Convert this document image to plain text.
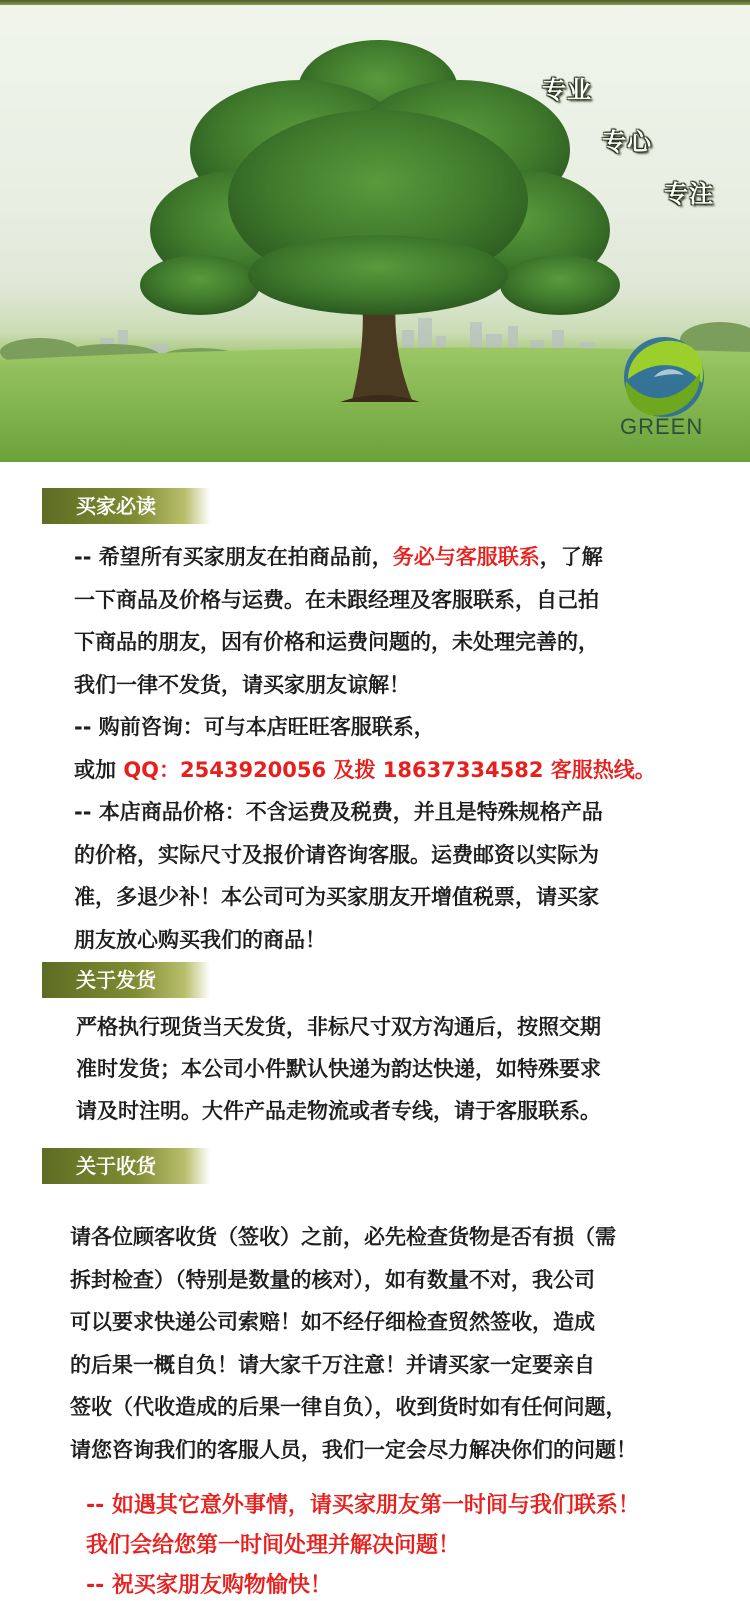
专业
专心
专注
GREEN
买家必读
-- 希望所有买家朋友在拍商品前，务必与客服联系，了解
一下商品及价格与运费。在未跟经理及客服联系，自己拍
下商品的朋友，因有价格和运费问题的，未处理完善的，
我们一律不发货，请买家朋友谅解！
-- 购前咨询：可与本店旺旺客服联系，
或加 QQ：2543920056 及拨 18637334582 客服热线。
-- 本店商品价格：不含运费及税费，并且是特殊规格产品
的价格，实际尺寸及报价请咨询客服。运费邮资以实际为
准，多退少补！本公司可为买家朋友开增值税票，请买家
朋友放心购买我们的商品！
关于发货
严格执行现货当天发货，非标尺寸双方沟通后，按照交期
准时发货；本公司小件默认快递为韵达快递，如特殊要求
请及时注明。大件产品走物流或者专线，请于客服联系。
关于收货
请各位顾客收货（签收）之前，必先检查货物是否有损（需
拆封检查）（特别是数量的核对），如有数量不对，我公司
可以要求快递公司索赔！如不经仔细检查贸然签收，造成
的后果一概自负！请大家千万注意！并请买家一定要亲自
签收（代收造成的后果一律自负），收到货时如有任何问题，
请您咨询我们的客服人员，我们一定会尽力解决你们的问题！
-- 如遇其它意外事情，请买家朋友第一时间与我们联系！
我们会给您第一时间处理并解决问题！
-- 祝买家朋友购物愉快！
